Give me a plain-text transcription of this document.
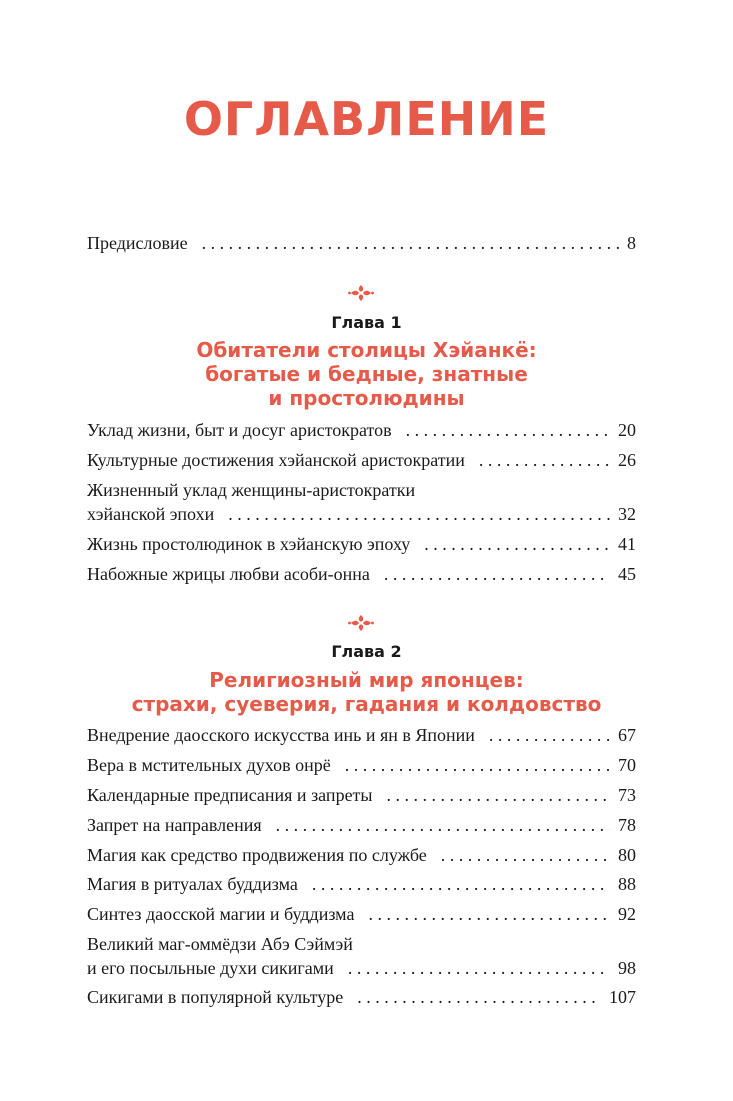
ОГЛАВЛЕНИЕ
Предисловие . . .	8
Глава 1
Обитатели столицы Хэйанкё:
богатые и бедные, знатные
и простолюдины
Уклад жизни, быт и досуг аристократов . . .	20
Культурные достижения хэйанской аристократии . . .	26
Жизненный уклад женщины-аристократки
хэйанской эпохи . . .	32
Жизнь простолюдинок в хэйанскую эпоху . . .	41
Набожные жрицы любви асоби-онна . . .	45
Глава 2
Религиозный мир японцев:
страхи, суеверия, гадания и колдовство
Внедрение даосского искусства инь и ян в Японии . . .	67
Вера в мстительных духов онрё . . .	70
Календарные предписания и запреты . . .	73
Запрет на направления . . .	78
Магия как средство продвижения по службе . . .	80
Магия в ритуалах буддизма . . .	88
Синтез даосской магии и буддизма . . .	92
Великий маг-оммёдзи Абэ Сэймэй
и его посыльные духи сикигами . . .	98
Сикигами в популярной культуре . . .	107
